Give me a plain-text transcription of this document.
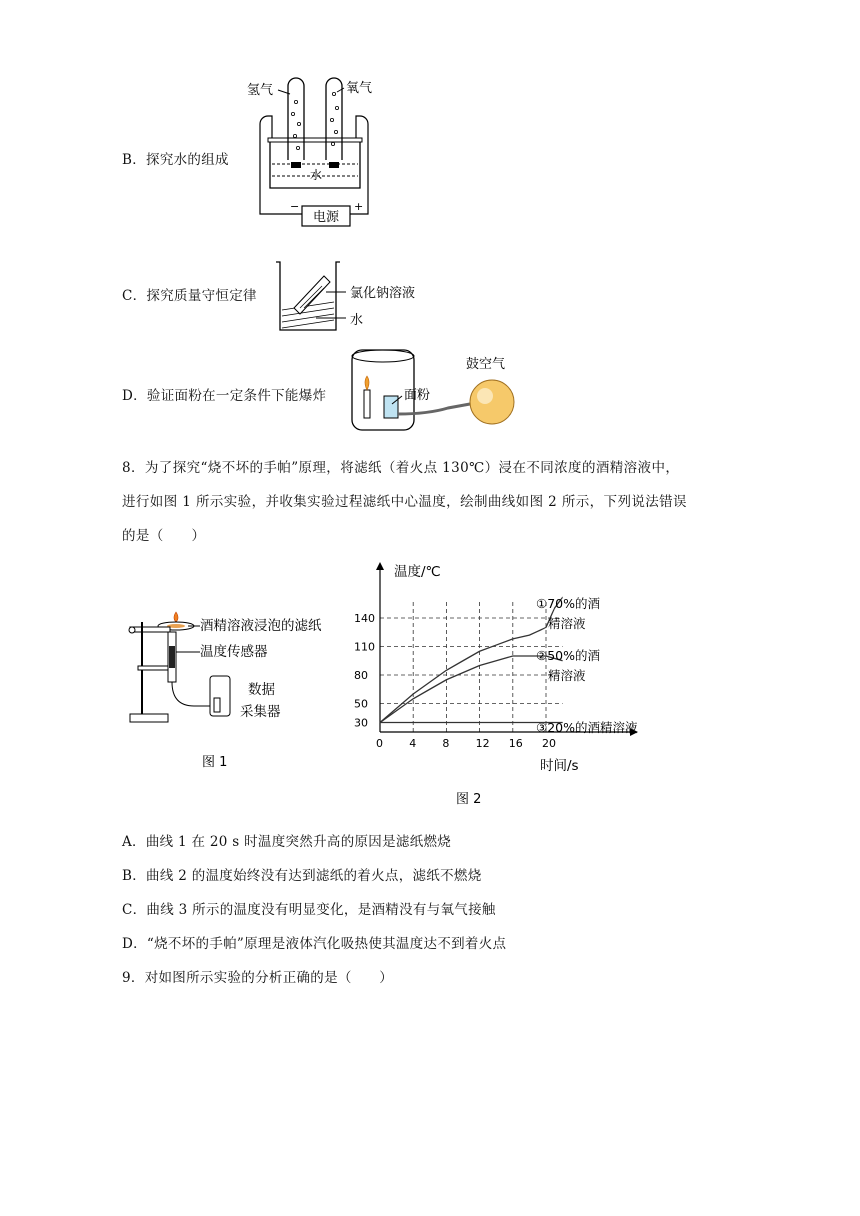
B．探究水的组成
氢气	氧气
水
电源
−	+
C．探究质量守恒定律	氯化钠溶液
水
D．验证面粉在一定条件下能爆炸	面粉
鼓空气
8．为了探究“烧不坏的手帕”原理，将滤纸（着火点 130℃）浸在不同浓度的酒精溶液中，
进行如图 1 所示实验，并收集实验过程滤纸中心温度，绘制曲线如图 2 所示，下列说法错误
的是（　　）
酒精溶液浸泡的滤纸
温度传感器
数据
采集器
图 1
温度/℃
时间/s
0 4 8 12 16 20
30
50
80
110
140
①70%的酒
精溶液
②50%的酒
精溶液
③20%的酒精溶液
图 2
A．曲线 1 在 20 s 时温度突然升高的原因是滤纸燃烧
B．曲线 2 的温度始终没有达到滤纸的着火点，滤纸不燃烧
C．曲线 3 所示的温度没有明显变化，是酒精没有与氧气接触
D．“烧不坏的手帕”原理是液体汽化吸热使其温度达不到着火点
9．对如图所示实验的分析正确的是（　　）
